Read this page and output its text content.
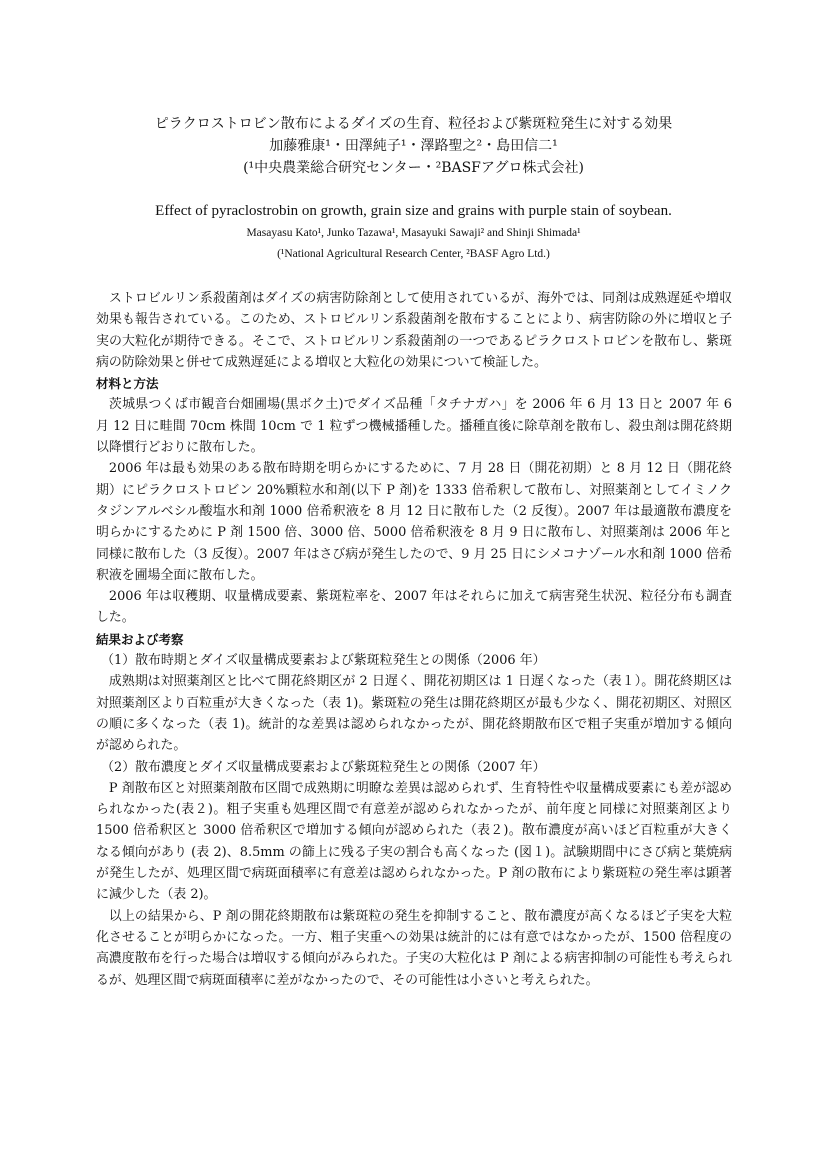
ピラクロストロビン散布によるダイズの生育、粒径および紫斑粒発生に対する効果
加藤雅康¹・田澤純子¹・澤路聖之²・島田信二¹
(¹中央農業総合研究センター・²BASFアグロ株式会社)
Effect of pyraclostrobin on growth, grain size and grains with purple stain of soybean.
Masayasu Kato¹, Junko Tazawa¹, Masayuki Sawaji² and Shinji Shimada¹
(¹National Agricultural Research Center, ²BASF Agro Ltd.)

ストロビルリン系殺菌剤はダイズの病害防除剤として使用されているが、海外では、同剤は成熟遅延や増収効果も報告されている。このため、ストロビルリン系殺菌剤を散布することにより、病害防除の外に増収と子実の大粒化が期待できる。そこで、ストロビルリン系殺菌剤の一つであるピラクロストロビンを散布し、紫斑病の防除効果と併せて成熟遅延による増収と大粒化の効果について検証した。

材料と方法

茨城県つくば市観音台畑圃場(黒ボク土)でダイズ品種「タチナガハ」を 2006 年 6 月 13 日と 2007 年 6 月 12 日に畦間 70cm 株間 10cm で 1 粒ずつ機械播種した。播種直後に除草剤を散布し、殺虫剤は開花終期以降慣行どおりに散布した。

2006 年は最も効果のある散布時期を明らかにするために、7 月 28 日（開花初期）と 8 月 12 日（開花終期）にピラクロストロビン 20%顆粒水和剤(以下 P 剤)を 1333 倍希釈して散布し、対照薬剤としてイミノクタジンアルベシル酸塩水和剤 1000 倍希釈液を 8 月 12 日に散布した（2 反復）。2007 年は最適散布濃度を明らかにするために P 剤 1500 倍、3000 倍、5000 倍希釈液を 8 月 9 日に散布し、対照薬剤は 2006 年と同様に散布した（3 反復）。2007 年はさび病が発生したので、9 月 25 日にシメコナゾール水和剤 1000 倍希釈液を圃場全面に散布した。

2006 年は収穫期、収量構成要素、紫斑粒率を、2007 年はそれらに加えて病害発生状況、粒径分布も調査した。

結果および考察

（1）散布時期とダイズ収量構成要素および紫斑粒発生との関係（2006 年）

成熟期は対照薬剤区と比べて開花終期区が 2 日遅く、開花初期区は 1 日遅くなった（表１）。開花終期区は対照薬剤区より百粒重が大きくなった（表 1)。紫斑粒の発生は開花終期区が最も少なく、開花初期区、対照区の順に多くなった（表 1)。統計的な差異は認められなかったが、開花終期散布区で粗子実重が増加する傾向が認められた。

（2）散布濃度とダイズ収量構成要素および紫斑粒発生との関係（2007 年）

P 剤散布区と対照薬剤散布区間で成熟期に明瞭な差異は認められず、生育特性や収量構成要素にも差が認められなかった(表２)。粗子実重も処理区間で有意差が認められなかったが、前年度と同様に対照薬剤区より 1500 倍希釈区と 3000 倍希釈区で増加する傾向が認められた（表２)。散布濃度が高いほど百粒重が大きくなる傾向があり (表 2)、8.5mm の篩上に残る子実の割合も高くなった (図１)。試験期間中にさび病と葉焼病が発生したが、処理区間で病斑面積率に有意差は認められなかった。P 剤の散布により紫斑粒の発生率は顕著に減少した（表 2)。

以上の結果から、P 剤の開花終期散布は紫斑粒の発生を抑制すること、散布濃度が高くなるほど子実を大粒化させることが明らかになった。一方、粗子実重への効果は統計的には有意ではなかったが、1500 倍程度の高濃度散布を行った場合は増収する傾向がみられた。子実の大粒化は P 剤による病害抑制の可能性も考えられるが、処理区間で病斑面積率に差がなかったので、その可能性は小さいと考えられた。
